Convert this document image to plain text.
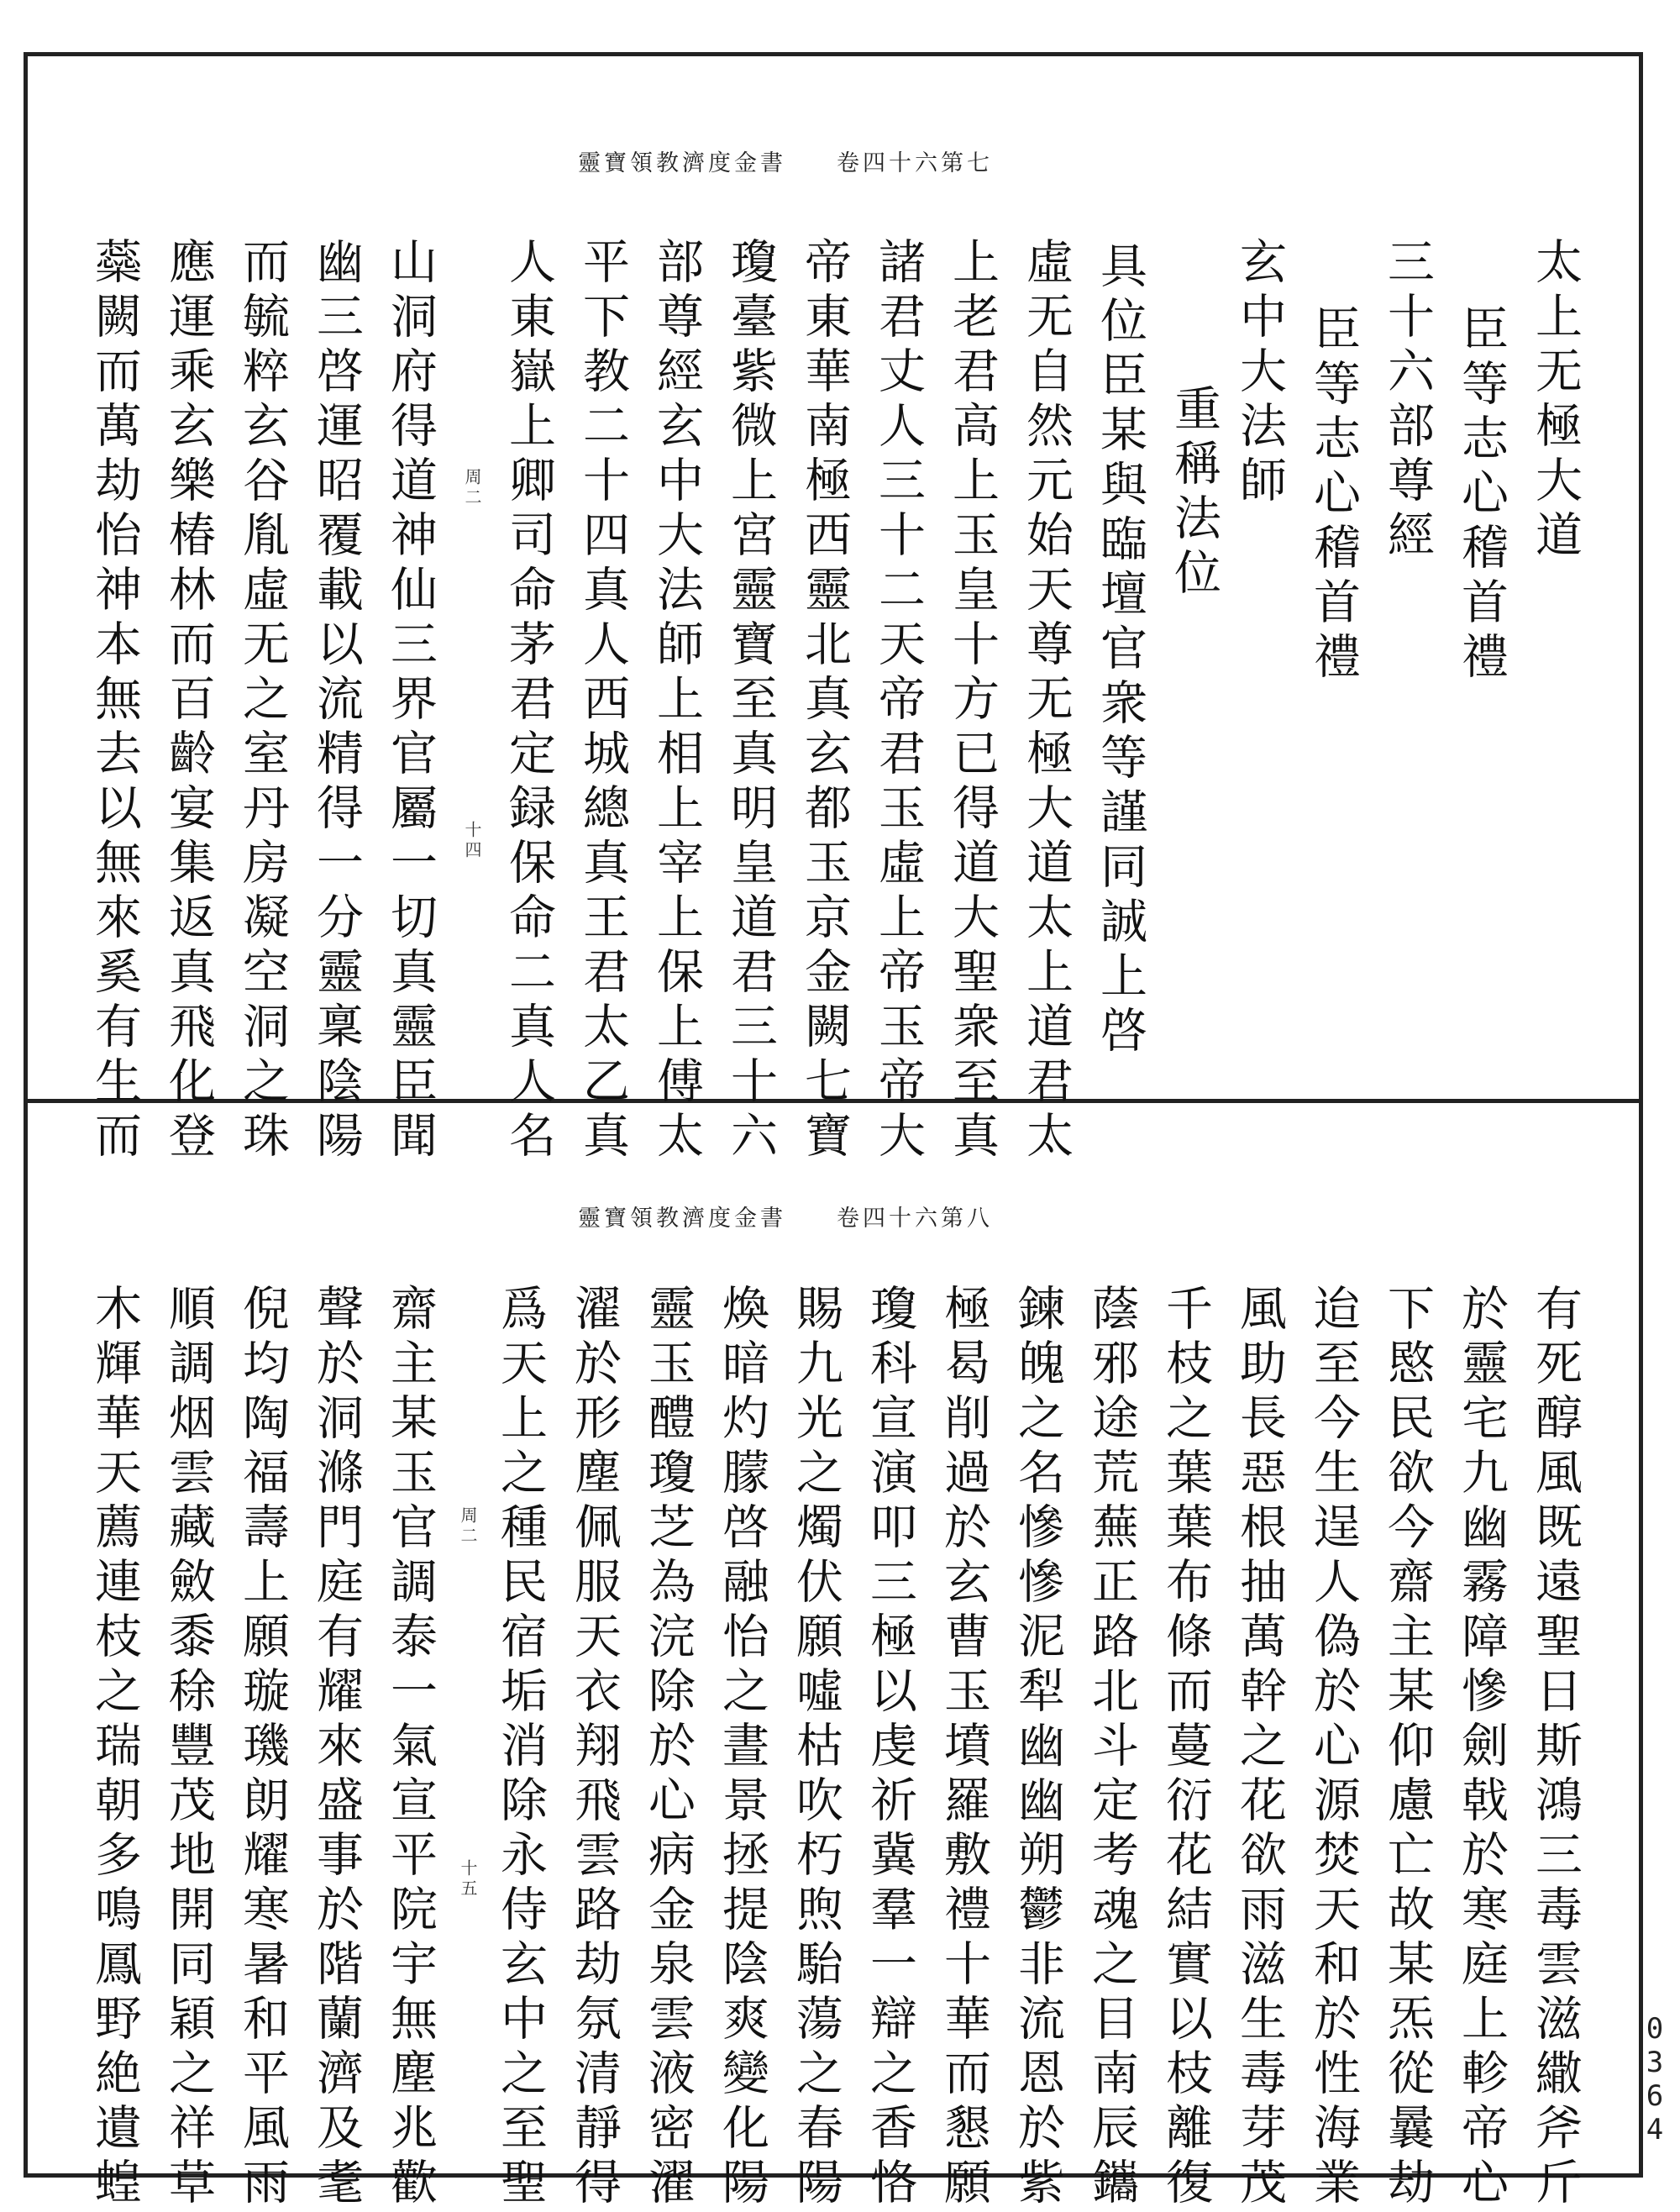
靈寶領教濟度金書 卷四十六第七
太上无極大道
臣等志心稽首禮
三十六部尊經
臣等志心稽首禮
玄中大法師
重稱法位
具位臣某與臨壇官衆等謹同誠上啓
虛无自然元始天尊无極大道太上道君太
上老君高上玉皇十方已得道大聖衆至真
諸君丈人三十二天帝君玉虛上帝玉帝大
帝東華南極西靈北真玄都玉京金闕七寶
瓊臺紫微上宮靈寶至真明皇道君三十六
部尊經玄中大法師上相上宰上保上傅太
平下教二十四真人西城總真王君太乙真
人東嶽上卿司命茅君定録保命二真人名
山洞府得道神仙三界官屬一切真靈臣聞
幽三啓運昭覆載以流精得一分靈稟陰陽
而毓粹玄谷胤虛无之室丹房凝空洞之珠
應運乘玄樂椿林而百齡宴集返真飛化登
蘂闕而萬劫怡神本無去以無來奚有生而	周二
十四
靈寶領教濟度金書 卷四十六第八
有死醇風既遠聖日斯鴻三毒雲滋繖斧斤
於靈宅九幽霧障慘劍戟於寒庭上軫帝心
下愍民欲今齋主某仰慮亡故某炁從曩劫
迨至今生逞人偽於心源焚天和於性海業
風助長惡根抽萬幹之花欲雨滋生毒芽茂
千枝之葉葉布條而蔓衍花結實以枝離復
蔭邪途荒蕪正路北斗定考魂之目南辰鑴
鍊魄之名慘慘泥犁幽幽朔鬱非流恩於紫
極曷削過於玄曹玉墳羅敷禮十華而懇願
瓊科宣演叩三極以虔祈冀羣一辯之香恪
賜九光之燭伏願噓枯吹朽煦駘蕩之春陽
煥暗灼朦啓融怡之晝景拯提陰爽變化陽
靈玉醴瓊芝為浣除於心病金泉雲液密濯
濯於形塵佩服天衣翔飛雲路劫氛清靜得
爲天上之種民宿垢消除永侍玄中之至聖
齋主某玉官調泰一氣宣平院宇無塵兆歡
聲於洞滌門庭有耀來盛事於階蘭濟及耄
倪均陶福壽上願璇璣朗耀寒暑和平風雨
順調烟雲藏斂黍稌豐茂地開同穎之祥草
木輝華天薦連枝之瑞朝多鳴鳳野絶遺蝗	周二
十五
0364
